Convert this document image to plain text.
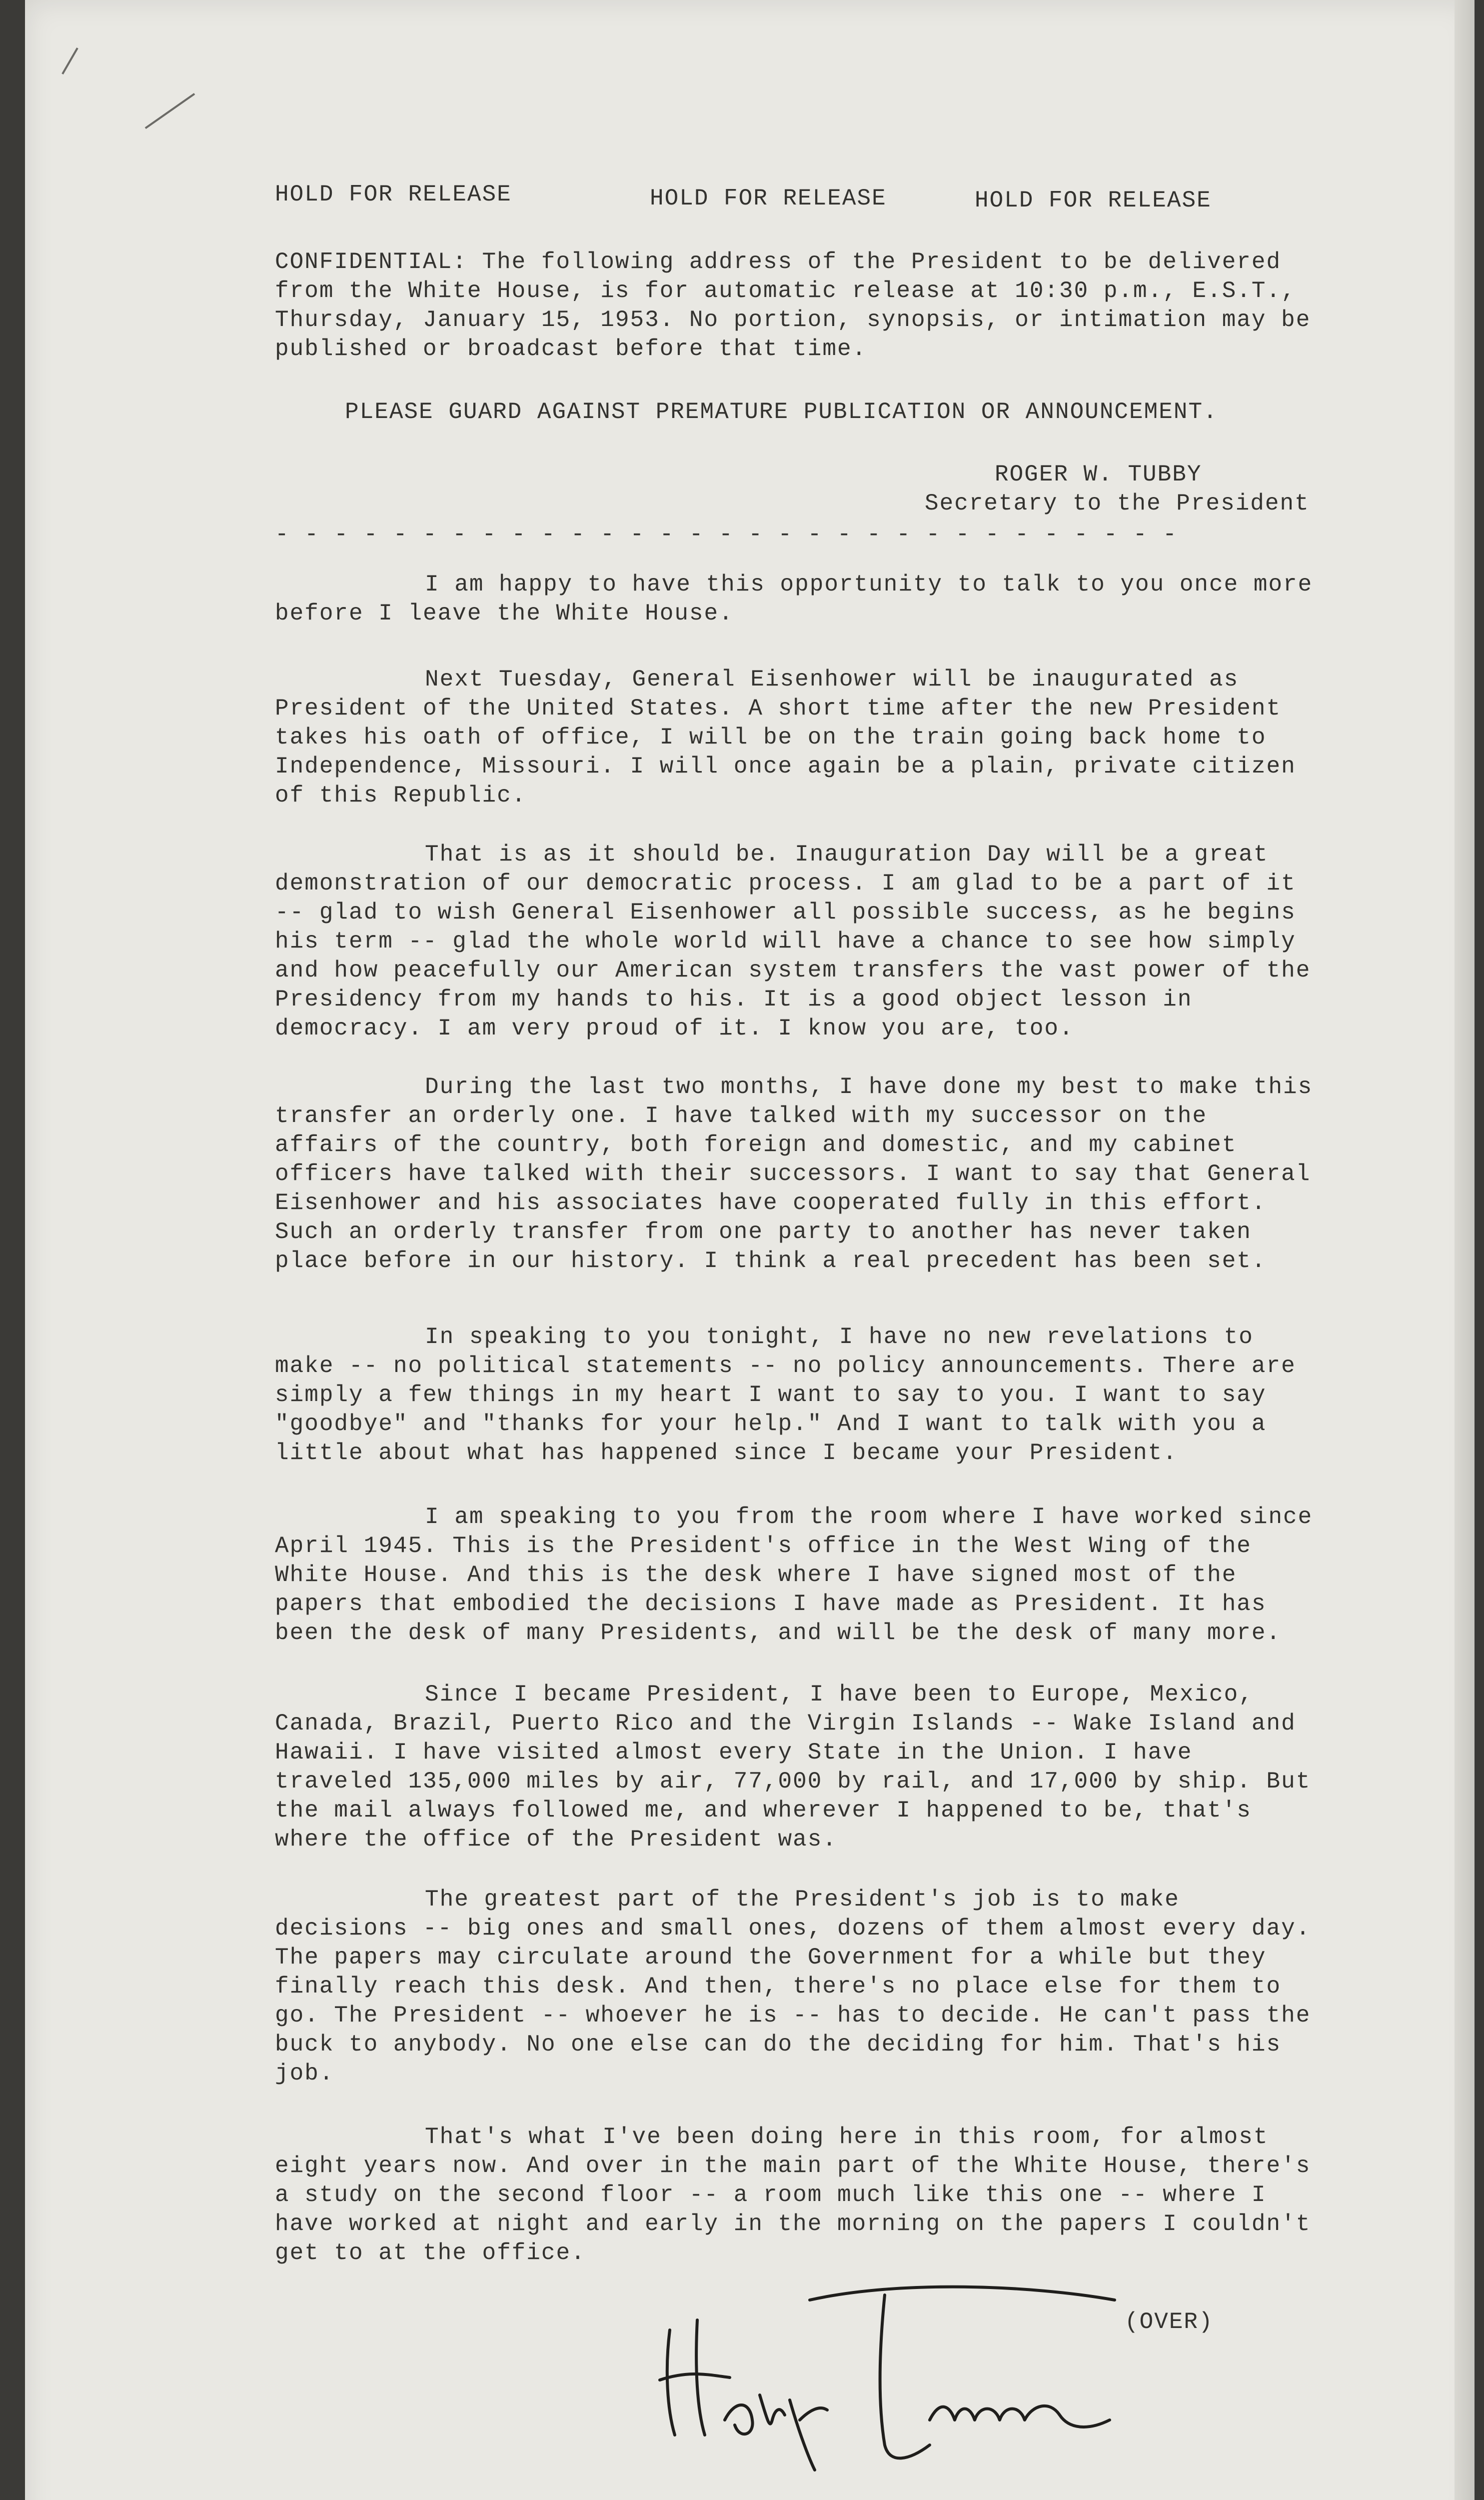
HOLD FOR RELEASE	HOLD FOR RELEASE	HOLD FOR RELEASE

CONFIDENTIAL: The following address of the President to be delivered from the White House, is for automatic release at 10:30 p.m., E.S.T., Thursday, January 15, 1953. No portion, synopsis, or intimation may be published or broadcast before that time.

PLEASE GUARD AGAINST PREMATURE PUBLICATION OR ANNOUNCEMENT.
ROGER W. TUBBY
Secretary to the President
- - - - - - - - - - - - - - - - - - - - - - - - - - - - - - -

I am happy to have this opportunity to talk to you once more before I leave the White House.

Next Tuesday, General Eisenhower will be inaugurated as President of the United States. A short time after the new President takes his oath of office, I will be on the train going back home to Independence, Missouri. I will once again be a plain, private citizen of this Republic.

That is as it should be. Inauguration Day will be a great demonstration of our democratic process. I am glad to be a part of it -- glad to wish General Eisenhower all possible success, as he begins his term -- glad the whole world will have a chance to see how simply and how peacefully our American system transfers the vast power of the Presidency from my hands to his. It is a good object lesson in democracy. I am very proud of it. I know you are, too.

During the last two months, I have done my best to make this transfer an orderly one. I have talked with my successor on the affairs of the country, both foreign and domestic, and my cabinet officers have talked with their successors. I want to say that General Eisenhower and his associates have cooperated fully in this effort. Such an orderly transfer from one party to another has never taken place before in our history. I think a real precedent has been set.

In speaking to you tonight, I have no new revelations to make -- no political statements -- no policy announcements. There are simply a few things in my heart I want to say to you. I want to say "goodbye" and "thanks for your help." And I want to talk with you a little about what has happened since I became your President.

I am speaking to you from the room where I have worked since April 1945. This is the President's office in the West Wing of the White House. And this is the desk where I have signed most of the papers that embodied the decisions I have made as President. It has been the desk of many Presidents, and will be the desk of many more.

Since I became President, I have been to Europe, Mexico, Canada, Brazil, Puerto Rico and the Virgin Islands -- Wake Island and Hawaii. I have visited almost every State in the Union. I have traveled 135,000 miles by air, 77,000 by rail, and 17,000 by ship. But the mail always followed me, and wherever I happened to be, that's where the office of the President was.

The greatest part of the President's job is to make decisions -- big ones and small ones, dozens of them almost every day. The papers may circulate around the Government for a while but they finally reach this desk. And then, there's no place else for them to go. The President -- whoever he is -- has to decide. He can't pass the buck to anybody. No one else can do the deciding for him. That's his job.

That's what I've been doing here in this room, for almost eight years now. And over in the main part of the White House, there's a study on the second floor -- a room much like this one -- where I have worked at night and early in the morning on the papers I couldn't get to at the office.

(OVER)
